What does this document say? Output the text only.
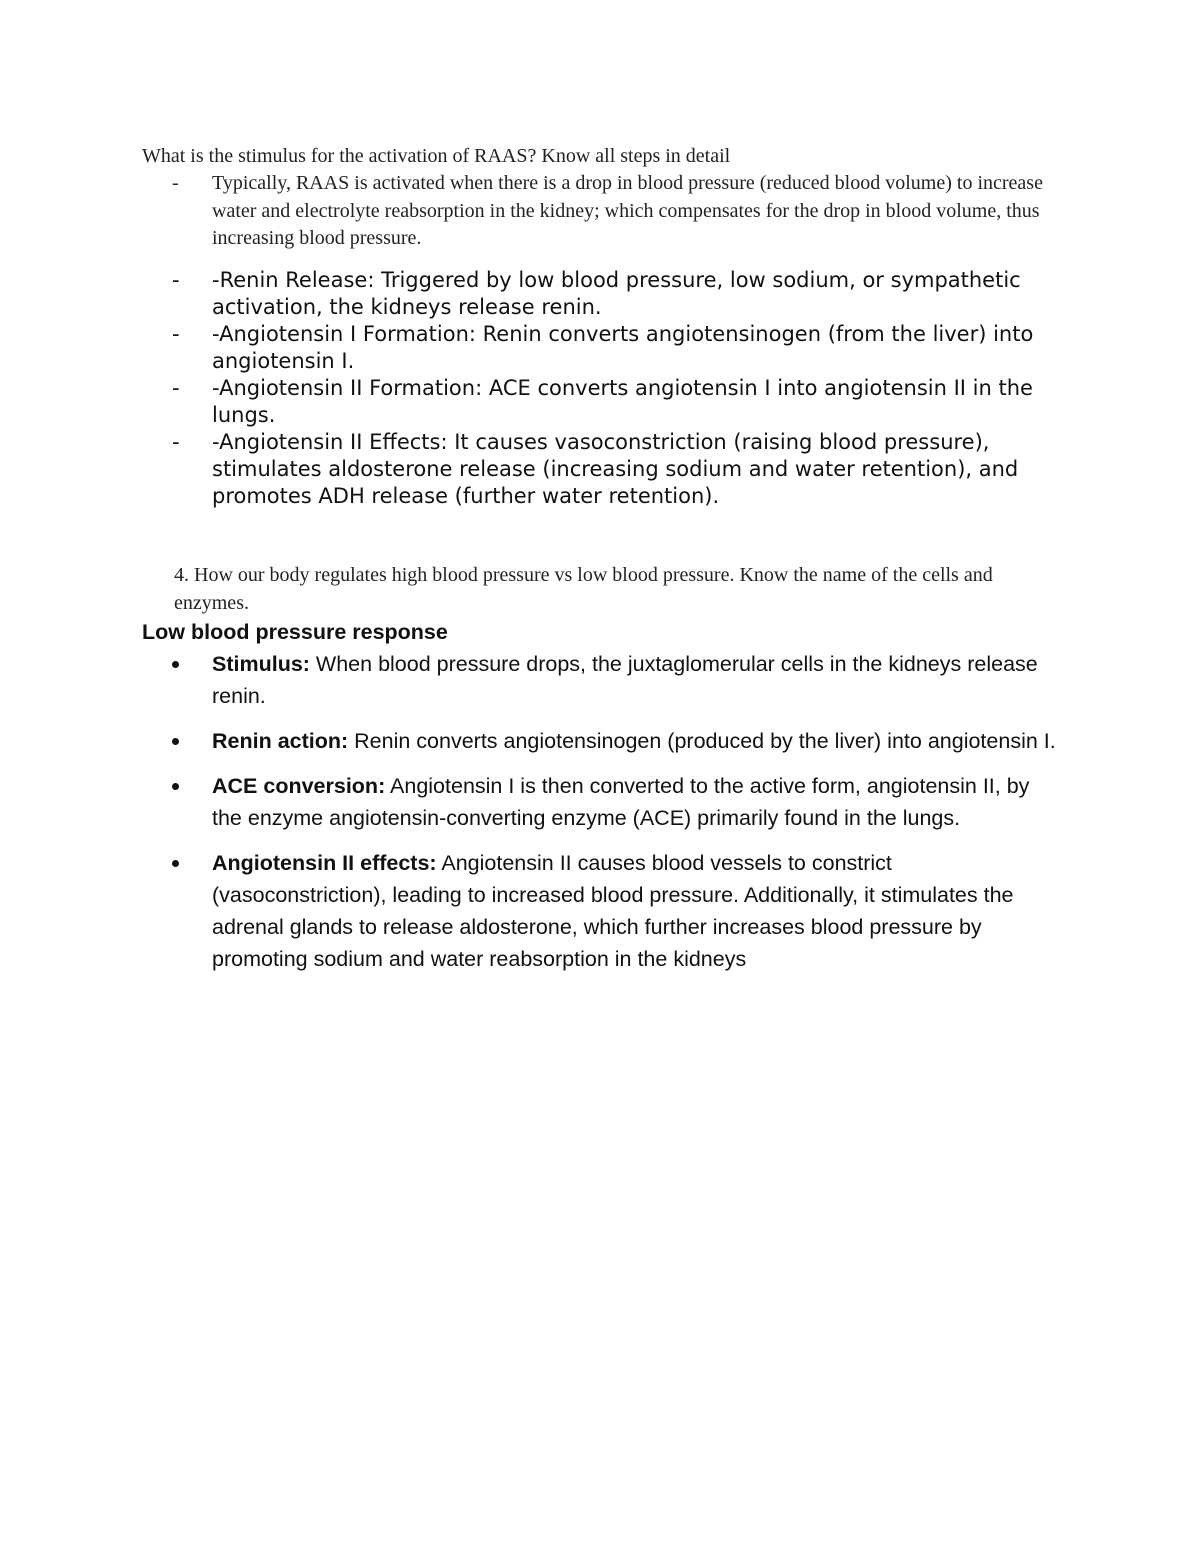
What is the stimulus for the activation of RAAS? Know all steps in detail

- Typically, RAAS is activated when there is a drop in blood pressure (reduced blood volume) to increase water and electrolyte reabsorption in the kidney; which compensates for the drop in blood volume, thus increasing blood pressure.
- -Renin Release: Triggered by low blood pressure, low sodium, or sympathetic activation, the kidneys release renin.
- -Angiotensin I Formation: Renin converts angiotensinogen (from the liver) into angiotensin I.
- -Angiotensin II Formation: ACE converts angiotensin I into angiotensin II in the lungs.
- -Angiotensin II Effects: It causes vasoconstriction (raising blood pressure), stimulates aldosterone release (increasing sodium and water retention), and promotes ADH release (further water retention).

4. How our body regulates high blood pressure vs low blood pressure. Know the name of the cells and enzymes.

Low blood pressure response
Stimulus: When blood pressure drops, the juxtaglomerular cells in the kidneys release renin.
Renin action: Renin converts angiotensinogen (produced by the liver) into angiotensin I.
ACE conversion: Angiotensin I is then converted to the active form, angiotensin II, by the enzyme angiotensin-converting enzyme (ACE) primarily found in the lungs.
Angiotensin II effects: Angiotensin II causes blood vessels to constrict (vasoconstriction), leading to increased blood pressure. Additionally, it stimulates the adrenal glands to release aldosterone, which further increases blood pressure by promoting sodium and water reabsorption in the kidneys
